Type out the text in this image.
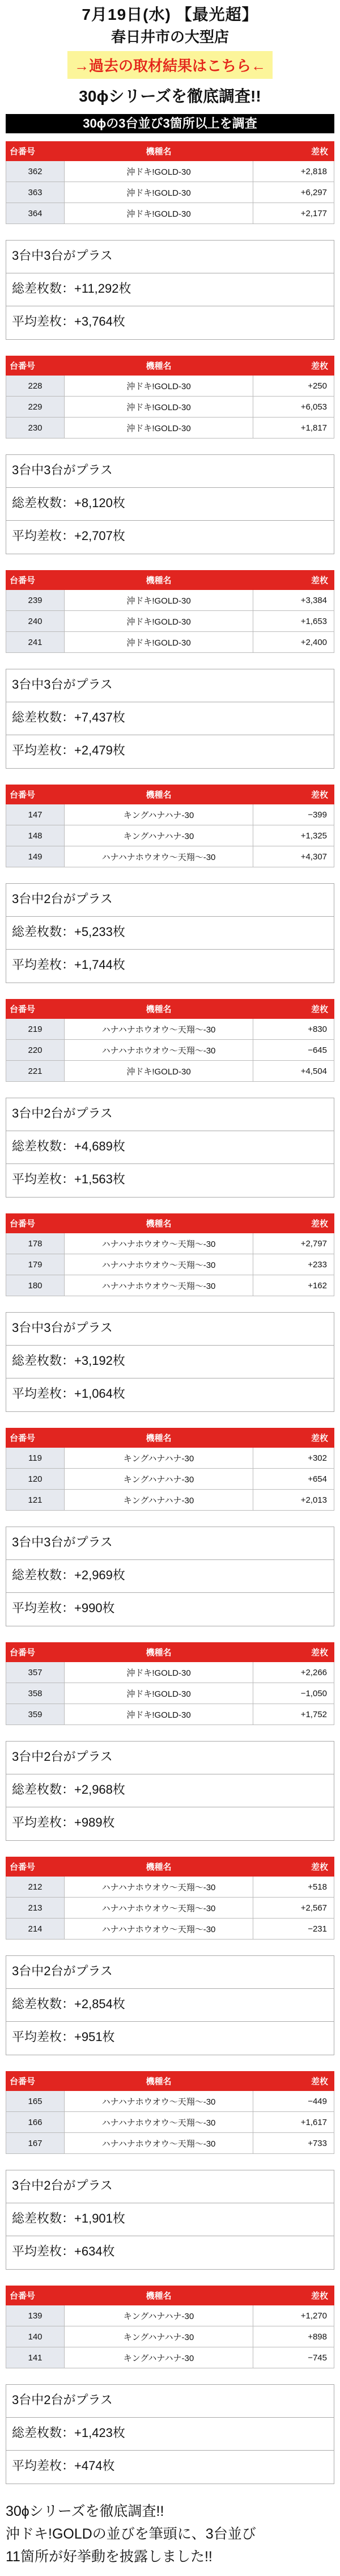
7月19日(水) 【最光超】
春日井市の大型店
→過去の取材結果はこちら←
30ϕシリーズを徹底調査!!
30ϕの3台並び3箇所以上を調査
台番号	機種名	差枚
362	沖ドキ!GOLD-30	+2,818
363	沖ドキ!GOLD-30	+6,297
364	沖ドキ!GOLD-30	+2,177
3台中3台がプラス
総差枚数：+11,292枚
平均差枚：+3,764枚
台番号	機種名	差枚
228	沖ドキ!GOLD-30	+250
229	沖ドキ!GOLD-30	+6,053
230	沖ドキ!GOLD-30	+1,817
3台中3台がプラス
総差枚数：+8,120枚
平均差枚：+2,707枚
台番号	機種名	差枚
239	沖ドキ!GOLD-30	+3,384
240	沖ドキ!GOLD-30	+1,653
241	沖ドキ!GOLD-30	+2,400
3台中3台がプラス
総差枚数：+7,437枚
平均差枚：+2,479枚
台番号	機種名	差枚
147	キングハナハナ-30	−399
148	キングハナハナ-30	+1,325
149	ハナハナホウオウ〜天翔〜-30	+4,307
3台中2台がプラス
総差枚数：+5,233枚
平均差枚：+1,744枚
台番号	機種名	差枚
219	ハナハナホウオウ〜天翔〜-30	+830
220	ハナハナホウオウ〜天翔〜-30	−645
221	沖ドキ!GOLD-30	+4,504
3台中2台がプラス
総差枚数：+4,689枚
平均差枚：+1,563枚
台番号	機種名	差枚
178	ハナハナホウオウ〜天翔〜-30	+2,797
179	ハナハナホウオウ〜天翔〜-30	+233
180	ハナハナホウオウ〜天翔〜-30	+162
3台中3台がプラス
総差枚数：+3,192枚
平均差枚：+1,064枚
台番号	機種名	差枚
119	キングハナハナ-30	+302
120	キングハナハナ-30	+654
121	キングハナハナ-30	+2,013
3台中3台がプラス
総差枚数：+2,969枚
平均差枚：+990枚
台番号	機種名	差枚
357	沖ドキ!GOLD-30	+2,266
358	沖ドキ!GOLD-30	−1,050
359	沖ドキ!GOLD-30	+1,752
3台中2台がプラス
総差枚数：+2,968枚
平均差枚：+989枚
台番号	機種名	差枚
212	ハナハナホウオウ〜天翔〜-30	+518
213	ハナハナホウオウ〜天翔〜-30	+2,567
214	ハナハナホウオウ〜天翔〜-30	−231
3台中2台がプラス
総差枚数：+2,854枚
平均差枚：+951枚
台番号	機種名	差枚
165	ハナハナホウオウ〜天翔〜-30	−449
166	ハナハナホウオウ〜天翔〜-30	+1,617
167	ハナハナホウオウ〜天翔〜-30	+733
3台中2台がプラス
総差枚数：+1,901枚
平均差枚：+634枚
台番号	機種名	差枚
139	キングハナハナ-30	+1,270
140	キングハナハナ-30	+898
141	キングハナハナ-30	−745
3台中2台がプラス
総差枚数：+1,423枚
平均差枚：+474枚
30ϕシリーズを徹底調査!!
沖ドキ!GOLDの並びを筆頭に、3台並び
11箇所が好挙動を披露しました!!
